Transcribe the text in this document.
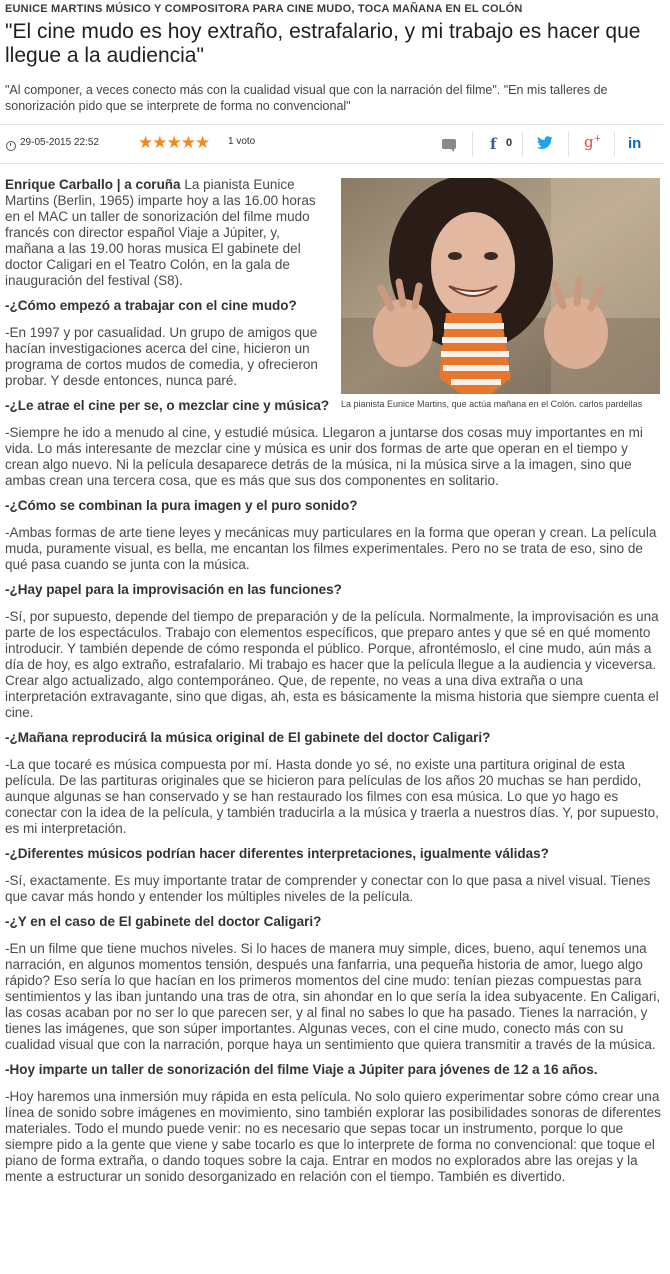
EUNICE MARTINS MÚSICO Y COMPOSITORA PARA CINE MUDO, TOCA MAÑANA EN EL COLÓN
"El cine mudo es hoy extraño, estrafalario, y mi trabajo es hacer que llegue a la audiencia"

"Al componer, a veces conecto más con la cualidad visual que con la narración del filme". "En mis talleres de sonorización pido que se interprete de forma no convencional"

29-05-2015 22:52 ★★★★★ 1 voto	f 0	g+ in
La pianista Eunice Martins, que actúa mañana en el Colón. carlos pardellas

Enrique Carballo | a coruña La pianista Eunice Martins (Berlin, 1965) imparte hoy a las 16.00 horas en el MAC un taller de sonorización del filme mudo francés con director español Viaje a Júpiter, y, mañana a las 19.00 horas musica El gabinete del doctor Caligari en el Teatro Colón, en la gala de inauguración del festival (S8).

-¿Cómo empezó a trabajar con el cine mudo?

-En 1997 y por casualidad. Un grupo de amigos que hacían investigaciones acerca del cine, hicieron un programa de cortos mudos de comedia, y ofrecieron probar. Y desde entonces, nunca paré.

-¿Le atrae el cine per se, o mezclar cine y música?

-Siempre he ido a menudo al cine, y estudié música. Llegaron a juntarse dos cosas muy importantes en mi vida. Lo más interesante de mezclar cine y música es unir dos formas de arte que operan en el tiempo y crean algo nuevo. Ni la película desaparece detrás de la música, ni la música sirve a la imagen, sino que ambas crean una tercera cosa, que es más que sus dos componentes en solitario.

-¿Cómo se combinan la pura imagen y el puro sonido?

-Ambas formas de arte tiene leyes y mecánicas muy particulares en la forma que operan y crean. La película muda, puramente visual, es bella, me encantan los filmes experimentales. Pero no se trata de eso, sino de qué pasa cuando se junta con la música.

-¿Hay papel para la improvisación en las funciones?

-Sí, por supuesto, depende del tiempo de preparación y de la película. Normalmente, la improvisación es una parte de los espectáculos. Trabajo con elementos específicos, que preparo antes y que sé en qué momento introducir. Y también depende de cómo responda el público. Porque, afrontémoslo, el cine mudo, aún más a día de hoy, es algo extraño, estrafalario. Mi trabajo es hacer que la película llegue a la audiencia y viceversa. Crear algo actualizado, algo contemporáneo. Que, de repente, no veas a una diva extraña o una interpretación extravagante, sino que digas, ah, esta es básicamente la misma historia que siempre cuenta el cine.

-¿Mañana reproducirá la música original de El gabinete del doctor Caligari?

-La que tocaré es música compuesta por mí. Hasta donde yo sé, no existe una partitura original de esta película. De las partituras originales que se hicieron para películas de los años 20 muchas se han perdido, aunque algunas se han conservado y se han restaurado los filmes con esa música. Lo que yo hago es conectar con la idea de la película, y también traducirla a la música y traerla a nuestros días. Y, por supuesto, es mi interpretación.

-¿Diferentes músicos podrían hacer diferentes interpretaciones, igualmente válidas?

-Sí, exactamente. Es muy importante tratar de comprender y conectar con lo que pasa a nivel visual. Tienes que cavar más hondo y entender los múltiples niveles de la película.

-¿Y en el caso de El gabinete del doctor Caligari?

-En un filme que tiene muchos niveles. Si lo haces de manera muy simple, dices, bueno, aquí tenemos una narración, en algunos momentos tensión, después una fanfarria, una pequeña historia de amor, luego algo rápido? Eso sería lo que hacían en los primeros momentos del cine mudo: tenían piezas compuestas para sentimientos y las iban juntando una tras de otra, sin ahondar en lo que sería la idea subyacente. En Caligari, las cosas acaban por no ser lo que parecen ser, y al final no sabes lo que ha pasado. Tienes la narración, y tienes las imágenes, que son súper importantes. Algunas veces, con el cine mudo, conecto más con su cualidad visual que con la narración, porque haya un sentimiento que quiera transmitir a través de la música.

-Hoy imparte un taller de sonorización del filme Viaje a Júpiter para jóvenes de 12 a 16 años.

-Hoy haremos una inmersión muy rápida en esta película. No solo quiero experimentar sobre cómo crear una línea de sonido sobre imágenes en movimiento, sino también explorar las posibilidades sonoras de diferentes materiales. Todo el mundo puede venir: no es necesario que sepas tocar un instrumento, porque lo que siempre pido a la gente que viene y sabe tocarlo es que lo interprete de forma no convencional: que toque el piano de forma extraña, o dando toques sobre la caja. Entrar en modos no explorados abre las orejas y la mente a estructurar un sonido desorganizado en relación con el tiempo. También es divertido.
